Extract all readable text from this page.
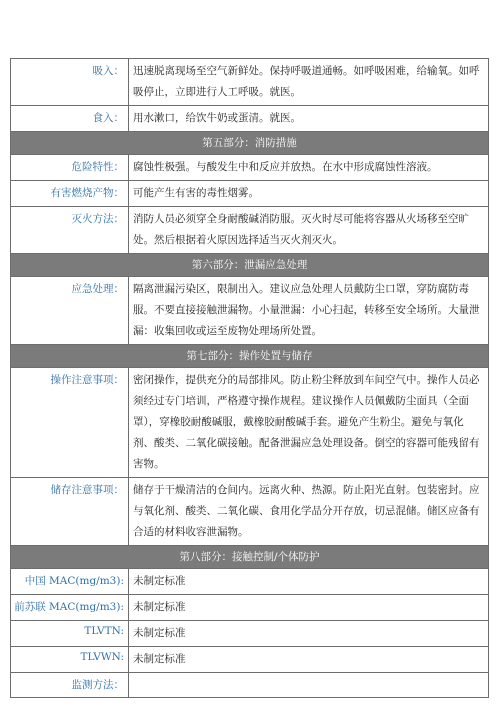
吸入：	迅速脱离现场至空气新鲜处。保持呼吸道通畅。如呼吸困难，给输氧。如呼吸停止，立即进行人工呼吸。就医。
食入：	用水漱口，给饮牛奶或蛋清。就医。
第五部分：消防措施	
危险特性：	腐蚀性极强。与酸发生中和反应并放热。在水中形成腐蚀性溶液。
有害燃烧产物：	可能产生有害的毒性烟雾。
灭火方法：	消防人员必须穿全身耐酸碱消防服。灭火时尽可能将容器从火场移至空旷处。然后根据着火原因选择适当灭火剂灭火。
第六部分：泄漏应急处理	
应急处理：	隔离泄漏污染区，限制出入。建议应急处理人员戴防尘口罩，穿防腐防毒服。不要直接接触泄漏物。小量泄漏：小心扫起，转移至安全场所。大量泄漏：收集回收或运至废物处理场所处置。
第七部分：操作处置与储存	
操作注意事项：	密闭操作，提供充分的局部排风。防止粉尘释放到车间空气中。操作人员必须经过专门培训，严格遵守操作规程。建议操作人员佩戴防尘面具（全面罩），穿橡胶耐酸碱服，戴橡胶耐酸碱手套。避免产生粉尘。避免与氧化剂、酸类、二氧化碳接触。配备泄漏应急处理设备。倒空的容器可能残留有害物。
储存注意事项：	储存于干燥清洁的仓间内。远离火种、热源。防止阳光直射。包装密封。应与氧化剂、酸类、二氧化碳、食用化学品分开存放，切忌混储。储区应备有合适的材料收容泄漏物。
第八部分：接触控制/个体防护	
中国 MAC(mg/m3):	未制定标准
前苏联 MAC(mg/m3):	未制定标准
TLVTN:	未制定标准
TLVWN:	未制定标准
监测方法：	
